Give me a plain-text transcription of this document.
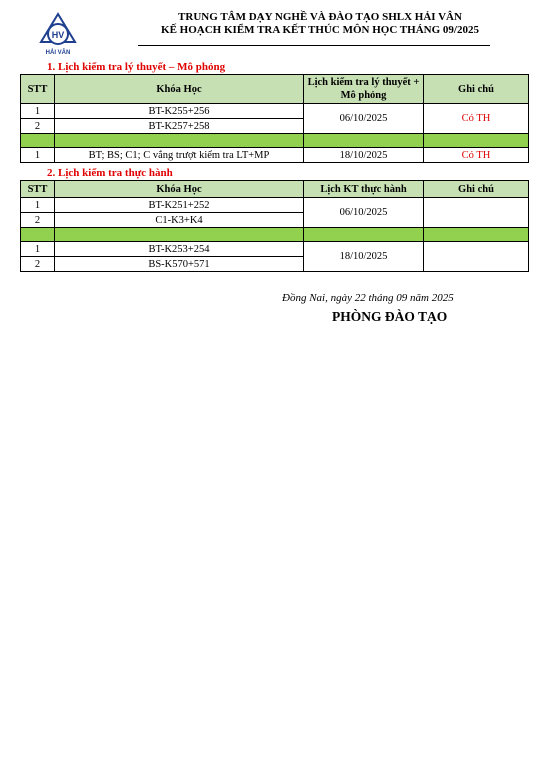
HV
HẢI VÂN
TRUNG TÂM DẠY NGHỀ VÀ ĐÀO TẠO SHLX HẢI VÂN
KẾ HOẠCH KIỂM TRA KẾT THÚC MÔN HỌC THÁNG 09/2025
1. Lịch kiểm tra lý thuyết – Mô phỏng
STT	Khóa Học	Lịch kiểm tra lý thuyết + Mô phỏng	Ghi chú
1	BT-K255+256	06/10/2025	Có TH
2	BT-K257+258		

1	BT; BS; C1; C vắng trượt kiểm tra LT+MP	18/10/2025	Có TH
2. Lịch kiểm tra thực hành
STT	Khóa Học	Lịch KT thực hành	Ghi chú
1	BT-K251+252	06/10/2025	
2	C1-K3+K4		

1	BT-K253+254	18/10/2025	
2	BS-K570+571		
Đồng Nai, ngày 22 tháng 09 năm 2025
PHÒNG ĐÀO TẠO
